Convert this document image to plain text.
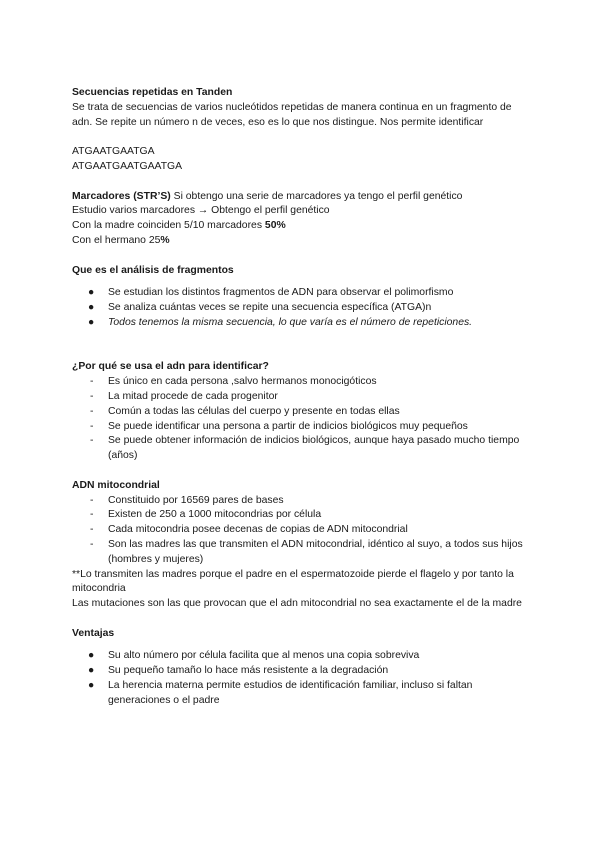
Secuencias repetidas en Tanden

Se trata de secuencias de varios nucleótidos repetidas de manera continua en un fragmento de adn. Se repite un número n de veces, eso es lo que nos distingue. Nos permite identificar

ATGAATGAATGA

ATGAATGAATGAATGA

Marcadores (STR’S) Si obtengo una serie de marcadores ya tengo el perfil genético

Estudio varios marcadores → Obtengo el perfil genético

Con la madre coinciden 5/10 marcadores 50%

Con el hermano 25%

Que es el análisis de fragmentos

● Se estudian los distintos fragmentos de ADN para observar el polimorfismo
● Se analiza cuántas veces se repite una secuencia específica (ATGA)n
● Todos tenemos la misma secuencia, lo que varía es el número de repeticiones.

¿Por qué se usa el adn para identificar?

- Es único en cada persona ,salvo hermanos monocigóticos
- La mitad procede de cada progenitor
- Común a todas las células del cuerpo y presente en todas ellas
- Se puede identificar una persona a partir de indicios biológicos muy pequeños
- Se puede obtener información de indicios biológicos, aunque haya pasado mucho tiempo (años)

ADN mitocondrial

- Constituido por 16569 pares de bases
- Existen de 250 a 1000 mitocondrias por célula
- Cada mitocondria posee decenas de copias de ADN mitocondrial
- Son las madres las que transmiten el ADN mitocondrial, idéntico al suyo, a todos sus hijos (hombres y mujeres)

**Lo transmiten las madres porque el padre en el espermatozoide pierde el flagelo y por tanto la mitocondria

Las mutaciones son las que provocan que el adn mitocondrial no sea exactamente el de la madre

Ventajas

● Su alto número por célula facilita que al menos una copia sobreviva
● Su pequeño tamaño lo hace más resistente a la degradación
● La herencia materna permite estudios de identificación familiar, incluso si faltan generaciones o el padre
